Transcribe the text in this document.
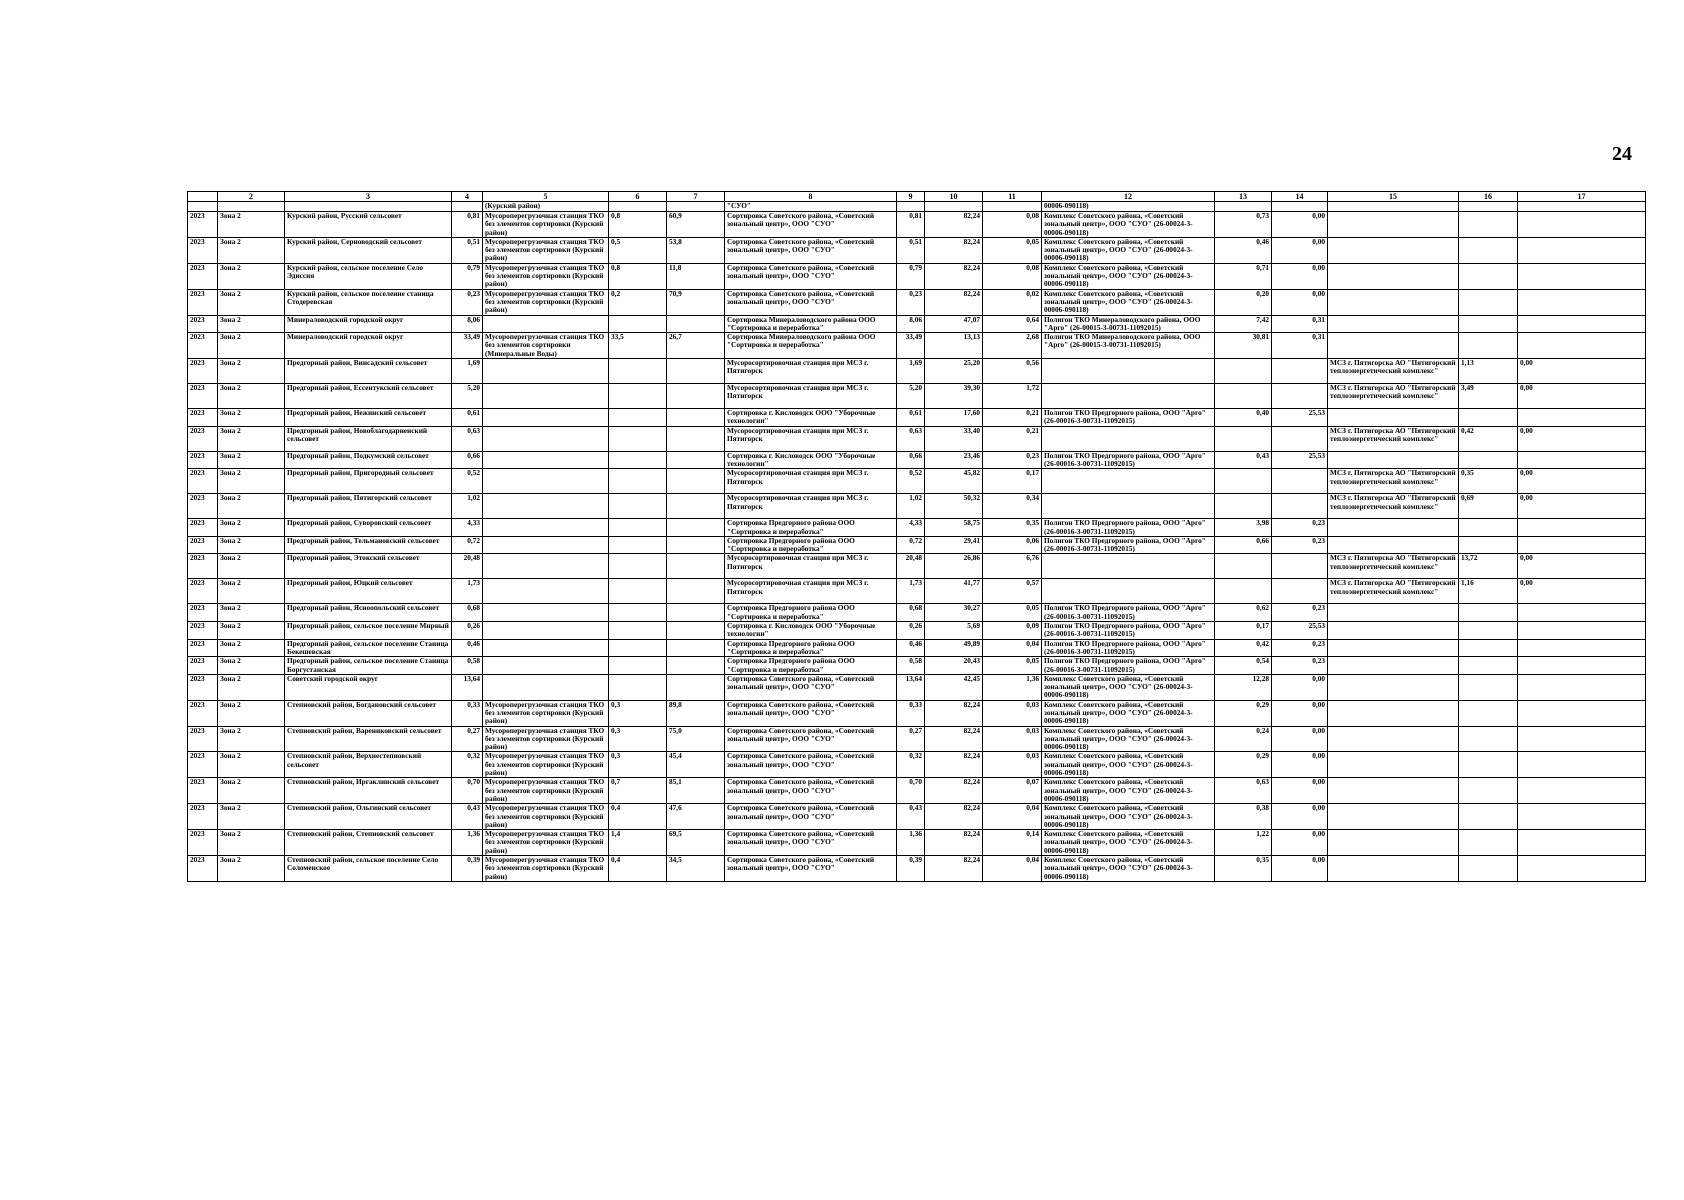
24
	2	3	4	5	6	7	8	9	10	11	12	13	14	15	16	17
				(Курский район)			"СУО"				00006-090118)					
2023	Зона 2	Курский район, Русский сельсовет	0,81	Мусороперегрузочная станция ТКО без элементов сортировки (Курский район)	0,8	60,9	Сортировка Советского района, «Советский зональный центр», ООО "СУО"	0,81	82,24	0,08	Комплекс Советского района, «Советский зональный центр», ООО "СУО" (26-00024-3-00006-090118)	0,73	0,00			
2023	Зона 2	Курский район, Серноводский сельсовет	0,51	Мусороперегрузочная станция ТКО без элементов сортировки (Курский район)	0,5	53,8	Сортировка Советского района, «Советский зональный центр», ООО "СУО"	0,51	82,24	0,05	Комплекс Советского района, «Советский зональный центр», ООО "СУО" (26-00024-3-00006-090118)	0,46	0,00			
2023	Зона 2	Курский район, сельское поселение Село Эдиссия	0,79	Мусороперегрузочная станция ТКО без элементов сортировки (Курский район)	0,8	11,8	Сортировка Советского района, «Советский зональный центр», ООО "СУО"	0,79	82,24	0,08	Комплекс Советского района, «Советский зональный центр», ООО "СУО" (26-00024-3-00006-090118)	0,71	0,00			
2023	Зона 2	Курский район, сельское поселение станица Стодеревская	0,23	Мусороперегрузочная станция ТКО без элементов сортировки (Курский район)	0,2	70,9	Сортировка Советского района, «Советский зональный центр», ООО "СУО"	0,23	82,24	0,02	Комплекс Советского района, «Советский зональный центр», ООО "СУО" (26-00024-3-00006-090118)	0,20	0,00			
2023	Зона 2	Минераловодский городской округ	8,06				Сортировка Минераловодского района ООО "Сортировка и переработка"	8,06	47,07	0,64	Полигон ТКО Минераловодского района, ООО "Арго" (26-00015-3-00731-11092015)	7,42	0,31			
2023	Зона 2	Минераловодский городской округ	33,49	Мусороперегрузочная станция ТКО без элементов сортировки (Минеральные Воды)	33,5	26,7	Сортировка Минераловодского района ООО "Сортировка и переработка"	33,49	13,13	2,68	Полигон ТКО Минераловодского района, ООО "Арго" (26-00015-3-00731-11092015)	30,81	0,31			
2023	Зона 2	Предгорный район, Винсадский сельсовет	1,69				Мусоросортировочная станция при МСЗ г. Пятигорск	1,69	25,20	0,56				МСЗ г. Пятигорска АО "Пятигорский теплоэнергетический комплекс"	1,13	0,00
2023	Зона 2	Предгорный район, Ессентукский сельсовет	5,20				Мусоросортировочная станция при МСЗ г. Пятигорск	5,20	39,30	1,72				МСЗ г. Пятигорска АО "Пятигорский теплоэнергетический комплекс"	3,49	0,00
2023	Зона 2	Предгорный район, Нежинский сельсовет	0,61				Сортировка г. Кисловодск ООО "Уборочные технологии"	0,61	17,60	0,21	Полигон ТКО Предгорного района, ООО "Арго" (26-00016-3-00731-11092015)	0,40	25,53			
2023	Зона 2	Предгорный район, Новоблагодарненский сельсовет	0,63				Мусоросортировочная станция при МСЗ г. Пятигорск	0,63	33,40	0,21				МСЗ г. Пятигорска АО "Пятигорский теплоэнергетический комплекс"	0,42	0,00
2023	Зона 2	Предгорный район, Подкумский сельсовет	0,66				Сортировка г. Кисловодск ООО "Уборочные технологии"	0,66	23,46	0,23	Полигон ТКО Предгорного района, ООО "Арго" (26-00016-3-00731-11092015)	0,43	25,53			
2023	Зона 2	Предгорный район, Пригородный сельсовет	0,52				Мусоросортировочная станция при МСЗ г. Пятигорск	0,52	45,82	0,17				МСЗ г. Пятигорска АО "Пятигорский теплоэнергетический комплекс"	0,35	0,00
2023	Зона 2	Предгорный район, Пятигорский сельсовет	1,02				Мусоросортировочная станция при МСЗ г. Пятигорск	1,02	50,32	0,34				МСЗ г. Пятигорска АО "Пятигорский теплоэнергетический комплекс"	0,69	0,00
2023	Зона 2	Предгорный район, Суворовский сельсовет	4,33				Сортировка Предгорного района ООО "Сортировка и переработка"	4,33	58,75	0,35	Полигон ТКО Предгорного района, ООО "Арго" (26-00016-3-00731-11092015)	3,98	0,23			
2023	Зона 2	Предгорный район, Тельмановский сельсовет	0,72				Сортировка Предгорного района ООО "Сортировка и переработка"	0,72	29,41	0,06	Полигон ТКО Предгорного района, ООО "Арго" (26-00016-3-00731-11092015)	0,66	0,23			
2023	Зона 2	Предгорный район, Этокский сельсовет	20,48				Мусоросортировочная станция при МСЗ г. Пятигорск	20,48	26,86	6,76				МСЗ г. Пятигорска АО "Пятигорский теплоэнергетический комплекс"	13,72	0,00
2023	Зона 2	Предгорный район, Юцкий сельсовет	1,73				Мусоросортировочная станция при МСЗ г. Пятигорск	1,73	41,77	0,57				МСЗ г. Пятигорска АО "Пятигорский теплоэнергетический комплекс"	1,16	0,00
2023	Зона 2	Предгорный район, Ясноопольский сельсовет	0,68				Сортировка Предгорного района ООО "Сортировка и переработка"	0,68	30,27	0,05	Полигон ТКО Предгорного района, ООО "Арго" (26-00016-3-00731-11092015)	0,62	0,23			
2023	Зона 2	Предгорный район, сельское поселение Мирный	0,26				Сортировка г. Кисловодск ООО "Уборочные технологии"	0,26	5,69	0,09	Полигон ТКО Предгорного района, ООО "Арго" (26-00016-3-00731-11092015)	0,17	25,53			
2023	Зона 2	Предгорный район, сельское поселение Станица Бекешевская	0,46				Сортировка Предгорного района ООО "Сортировка и переработка"	0,46	49,89	0,04	Полигон ТКО Предгорного района, ООО "Арго" (26-00016-3-00731-11092015)	0,42	0,23			
2023	Зона 2	Предгорный район, сельское поселение Станица Боргустанская	0,58				Сортировка Предгорного района ООО "Сортировка и переработка"	0,58	20,43	0,05	Полигон ТКО Предгорного района, ООО "Арго" (26-00016-3-00731-11092015)	0,54	0,23			
2023	Зона 2	Советский городской округ	13,64				Сортировка Советского района, «Советский зональный центр», ООО "СУО"	13,64	42,45	1,36	Комплекс Советского района, «Советский зональный центр», ООО "СУО" (26-00024-3-00006-090118)	12,28	0,00			
2023	Зона 2	Степновский район, Богдановский сельсовет	0,33	Мусороперегрузочная станция ТКО без элементов сортировки (Курский район)	0,3	89,8	Сортировка Советского района, «Советский зональный центр», ООО "СУО"	0,33	82,24	0,03	Комплекс Советского района, «Советский зональный центр», ООО "СУО" (26-00024-3-00006-090118)	0,29	0,00			
2023	Зона 2	Степновский район, Варениковский сельсовет	0,27	Мусороперегрузочная станция ТКО без элементов сортировки (Курский район)	0,3	75,0	Сортировка Советского района, «Советский зональный центр», ООО "СУО"	0,27	82,24	0,03	Комплекс Советского района, «Советский зональный центр», ООО "СУО" (26-00024-3-00006-090118)	0,24	0,00			
2023	Зона 2	Степновский район, Верхнестепновский сельсовет	0,32	Мусороперегрузочная станция ТКО без элементов сортировки (Курский район)	0,3	45,4	Сортировка Советского района, «Советский зональный центр», ООО "СУО"	0,32	82,24	0,03	Комплекс Советского района, «Советский зональный центр», ООО "СУО" (26-00024-3-00006-090118)	0,29	0,00			
2023	Зона 2	Степновский район, Иргаклинский сельсовет	0,70	Мусороперегрузочная станция ТКО без элементов сортировки (Курский район)	0,7	85,1	Сортировка Советского района, «Советский зональный центр», ООО "СУО"	0,70	82,24	0,07	Комплекс Советского района, «Советский зональный центр», ООО "СУО" (26-00024-3-00006-090118)	0,63	0,00			
2023	Зона 2	Степновский район, Ольгинский сельсовет	0,43	Мусороперегрузочная станция ТКО без элементов сортировки (Курский район)	0,4	47,6	Сортировка Советского района, «Советский зональный центр», ООО "СУО"	0,43	82,24	0,04	Комплекс Советского района, «Советский зональный центр», ООО "СУО" (26-00024-3-00006-090118)	0,38	0,00			
2023	Зона 2	Степновский район, Степновский сельсовет	1,36	Мусороперегрузочная станция ТКО без элементов сортировки (Курский район)	1,4	69,5	Сортировка Советского района, «Советский зональный центр», ООО "СУО"	1,36	82,24	0,14	Комплекс Советского района, «Советский зональный центр», ООО "СУО" (26-00024-3-00006-090118)	1,22	0,00			
2023	Зона 2	Степновский район, сельское поселение Село Соломенское	0,39	Мусороперегрузочная станция ТКО без элементов сортировки (Курский район)	0,4	34,5	Сортировка Советского района, «Советский зональный центр», ООО "СУО"	0,39	82,24	0,04	Комплекс Советского района, «Советский зональный центр», ООО "СУО" (26-00024-3-00006-090118)	0,35	0,00			
